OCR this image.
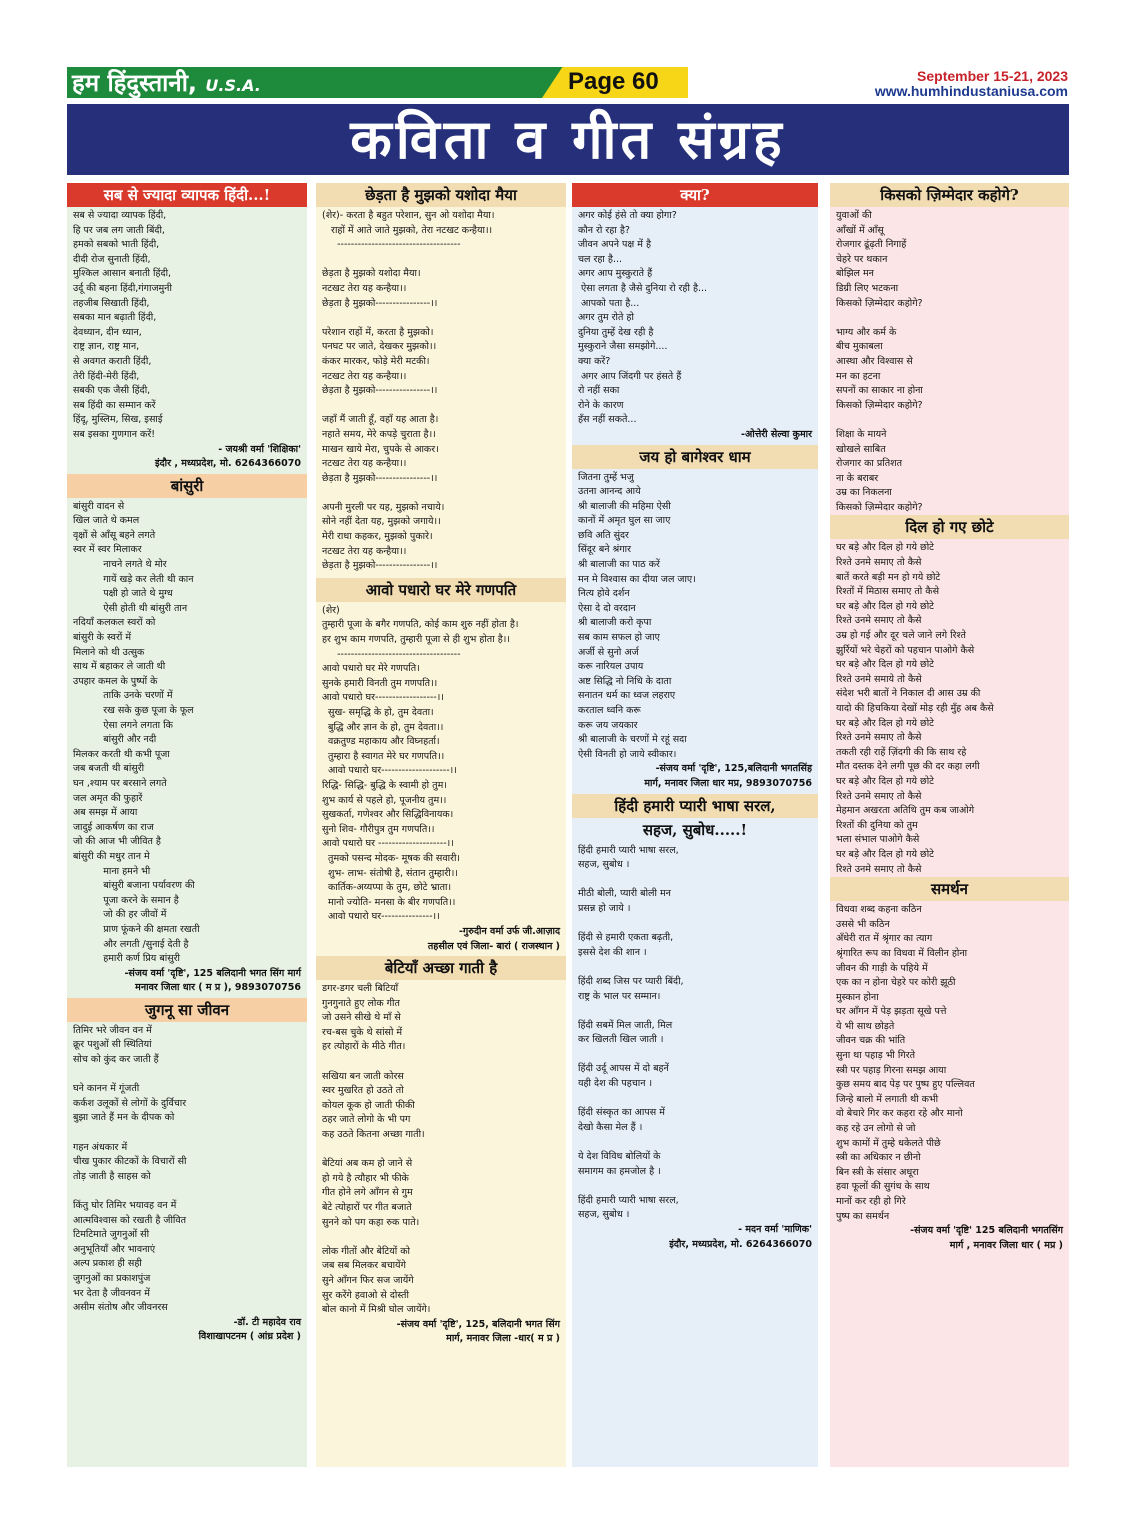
हम हिंदुस्तानी, U.S.A.	Page 60	September 15-21, 2023
www.humhindustaniusa.com
कविता व गीत संग्रह
सब से ज्यादा व्यापक हिंदी...!
सब से ज्यादा व्यापक हिंदी,
हि पर जब लग जाती बिंदी,
हमको सबको भाती हिंदी,
दीदी रोज सुनाती हिंदी,
मुश्किल आसान बनाती हिंदी,
उर्दू की बहना हिंदी,गंगाजमुनी
तहजीब सिखाती हिंदी,
सबका मान बढ़ाती हिंदी,
देवध्यान, दीन ध्यान,
राष्ट्र ज्ञान, राष्ट्र मान,
से अवगत कराती हिंदी,
तेरी हिंदी-मेरी हिंदी,
सबकी एक जैसी हिंदी,
सब हिंदी का सम्मान करें
हिंदू, मुस्लिम, सिख, इसाई
सब इसका गुणगान करें!
- जयश्री वर्मा 'शिक्षिका'
इंदौर , मध्यप्रदेश, मो. 6264366070
बांसुरी
बांसुरी वादन से
खिल जाते थे कमल
वृक्षों से आँसू बहने लगते
स्वर में स्वर मिलाकर
नाचने लगते थे मोर
गायें खड़े कर लेती थी कान
पक्षी हो जाते थे मुग्ध
ऐसी होती थी बांसुरी तान
नदियाँ कलकल स्वरों को
बांसुरी के स्वरों में
मिलाने को थी उत्सुक
साथ में बहाकर ले जाती थी
उपहार कमल के पुष्पों के
ताकि उनके चरणों में
रख सके कुछ पूजा के फूल
ऐसा लगने लगता कि
बांसुरी और नदी
मिलकर करती थी कभी पूजा
जब बजती थी बांसुरी
घन ,श्याम पर बरसाने लगते
जल अमृत की फुहारें
अब समझ में आया
जादुई आकर्षण का राज
जो की आज भी जीवित है
बांसुरी की मधुर तान मे
माना हमने भी
बांसुरी बजाना पर्यावरण की
पूजा करने के समान है
जो की हर जीवों में
प्राण फूंकने की क्षमता रखती
और लगती /सुनाई देती है
हमारी कर्ण प्रिय बांसुरी
-संजय वर्मा 'दृष्टि', 125 बलिदानी भगत सिंग मार्ग
मनावर जिला धार ( म प्र ), 9893070756
जुगनू सा जीवन
तिमिर भरे जीवन वन में
क्रूर पशुओं सी स्थितियां
सोच को कुंद कर जाती हैं

घने कानन में गूंजती
कर्कश उलूकों से लोगों के दुर्विचार
बुझा जाते हैं मन के दीपक को

गहन अंधकार में
चीख पुकार कीटकों के विचारों सी
तोड़ जाती है साहस को

किंतु घोर तिमिर भयावह वन में
आत्मविश्वास को रखती है जीवित
टिमटिमाते जुगनुओं सी
अनुभूतियाँ और भावनाएं
अल्प प्रकाश ही सही
जुगनुओं का प्रकाशपुंज
भर देता है जीवनवन में
असीम संतोष और जीवनरस
-डॉ. टी महादेव राव
विशाखापटनम ( आंध्र प्रदेश )
छेड़ता है मुझको यशोदा मैया
(शेर)- करता है बहुत परेशान, सुन ओ यशोदा मैया।
राहों में आते जाते मुझको, तेरा नटखट कन्हैया।।
------------------------------------

छेड़ता है मुझको यशोदा मैया।
नटखट तेरा यह कन्हैया।।
छेड़ता है मुझको----------------।।

परेशान राहों में, करता है मुझको।
पनघट पर जाते, देखकर मुझको।।
कंकर मारकर, फोड़े मेरी मटकी।
नटखट तेरा यह कन्हैया।।
छेड़ता है मुझको----------------।।

जहाँ मैं जाती हूँ, वहाँ यह आता है।
नहाते समय, मेरे कपड़े चुराता है।।
माखन खाये मेरा, चुपके से आकर।
नटखट तेरा यह कन्हैया।।
छेड़ता है मुझको----------------।।

अपनी मुरली पर यह, मुझको नचाये।
सोने नहीं देता यह, मुझको जगाये।।
मेरी राधा कहकर, मुझको पुकारे।
नटखट तेरा यह कन्हैया।।
छेड़ता है मुझको----------------।।
आवो पधारो घर मेरे गणपति
(शेर)
तुम्हारी पूजा के बगैर गणपति, कोई काम शुरु नहीं होता है।
हर शुभ काम गणपति, तुम्हारी पूजा से ही शुभ होता है।।
------------------------------------
आवो पधारो घर मेरे गणपति।
सुनके हमारी विनती तुम गणपति।।
आवो पधारो घर------------------।।
सुख- समृद्धि के हो, तुम देवता।
बुद्धि और ज्ञान के हो, तुम देवता।।
वक्रतुण्ड महाकाय और विघ्नहर्ता।
तुम्हारा है स्वागत मेरे घर गणपति।।
आवो पधारो घर--------------------।।
रिद्धि- सिद्धि- बुद्धि के स्वामी हो तुम।
शुभ कार्य से पहले हो, पूजनीय तुम।।
सुखकर्ता, गणेश्वर और सिद्धिविनायक।
सुनो शिव- गौरीपुत्र तुम गणपति।।
आवो पधारो घर --------------------।।
तुमको पसन्द मोदक- मूषक की सवारी।
शुभ- लाभ- संतोषी है, संतान तुम्हारी।।
कार्तिक-अय्यप्पा के तुम, छोटे भ्राता।
मानो ज्योति- मनसा के बीर गणपति।।
आवो पधारो घर---------------।।
-गुरुदीन वर्मा उर्फ जी.आज़ाद
तहसील एवं जिला- बारां ( राजस्थान )
बेटियाँ अच्छा गाती है
डगर-डगर चली बिटियाँ
गुनगुनाते हुए लोक गीत
जो उसने सीखे थे माँ से
रच-बस चुके थे सांसो में
हर त्योहारों के मीठे गीत।

सखिया बन जाती कोरस
स्वर मुखरित हो उठते तो
कोयल कूक हो जाती फीकी
ठहर जाते लोगो के भी पग
कह उठते कितना अच्छा गाती।

बेटियां अब कम हो जाने से
हो गये है त्यौहार भी फीके
गीत होने लगे ऑंगन से गुम
बेटे त्योहारों पर गीत बजाते
सुनने को पग कहा रुक पाते।

लोक गीतों और बेटियों को
जब सब मिलकर बचायेंगे
सुने ऑंगन फिर सज जायेंगे
सुर करेंगे हवाओ से दोस्ती
बोल कानो में मिश्री घोल जायेंगे।
-संजय वर्मा 'दृष्टि', 125, बलिदानी भगत सिंग
मार्ग, मनावर जिला -धार( म प्र )
क्या?
अगर कोई हंसे तो क्या होगा?
कौन रो रहा है?
जीवन अपने पक्ष में है
चल रहा है...
अगर आप मुस्कुराते हैं
ऐसा लगता है जैसे दुनिया रो रही है...
आपको पता है...
अगर तुम रोते हो
दुनिया तुम्हें देख रही है
मुस्कुराने जैसा समझोगे....
क्या करें?
अगर आप जिंदगी पर हंसते हैं
रो नहीं सका
रोने के कारण
हँस नहीं सकते...
-ओत्तेरी सेल्वा कुमार
जय हो बागेश्वर धाम
जितना तुम्हें भजु
उतना आनन्द आये
श्री बालाजी की महिमा ऐसी
कानों में अमृत घुल सा जाए
छवि अति सुंदर
सिंदूर बने श्रंगार
श्री बालाजी का पाठ करें
मन मे विश्वास का दीया जल जाए।
नित्य होवे दर्शन
ऐसा दे दो वरदान
श्री बालाजी करो कृपा
सब काम सफल हो जाए
अर्जी से सुनो अर्ज
करू नारियल उपाय
अष्ट सिद्धि नो निधि के दाता
सनातन धर्म का ध्वज लहराए
करताल ध्वनि करू
करू जय जयकार
श्री बालाजी के चरणों मे रहूं सदा
ऐसी विनती हो जाये स्वीकार।
-संजय वर्मा 'दृष्टि', 125,बलिदानी भगतसिंह
मार्ग, मनावर जिला धार मप्र, 9893070756
हिंदी हमारी प्यारी भाषा सरल,
सहज, सुबोध.....!
हिंदी हमारी प्यारी भाषा सरल,
सहज, सुबोध ।

मीठी बोली, प्यारी बोली मन
प्रसन्न हो जाये ।

हिंदी से हमारी एकता बढ़ती,
इससे देश की शान ।

हिंदी शब्द जिस पर प्यारी बिंदी,
राष्ट्र के भाल पर सम्मान।

हिंदी सबमें मिल जाती, मिल
कर खिलती खिल जाती ।

हिंदी उर्दू आपस में दो बहनें
यही देश की पहचान ।

हिंदी संस्कृत का आपस में
देखो कैसा मेल हैं ।

ये देश विविध बोलियों के
समागम का हमजोल है ।

हिंदी हमारी प्यारी भाषा सरल,
सहज, सुबोध ।
- मदन वर्मा 'माणिक'
इंदौर, मध्यप्रदेश, मो. 6264366070
किसको ज़िम्मेदार कहोगे?
युवाओं की
ऑंखों में ऑंसू
रोजगार ढूंढ़ती निगाहें
चेहरे पर थकान
बोझिल मन
डिग्री लिए भटकना
किसको ज़िम्मेदार कहोगे?

भाग्य और कर्म के
बीच मुकाबला
आस्था और विश्वास से
मन का हटना
सपनों का साकार ना होना
किसको ज़िम्मेदार कहोगे?

शिक्षा के मायने
खोखले साबित
रोजगार का प्रतिशत
ना के बराबर
उम्र का निकलना
किसको ज़िम्मेदार कहोगे?
दिल हो गए छोटे
घर बड़े और दिल हो गये छोटे
रिश्ते उनमे समाए तो कैसे
बातें करते बड़ी मन हो गये छोटे
रिश्तों में मिठास समाए तो कैसे
घर बड़े और दिल हो गये छोटे
रिश्ते उनमे समाए तो कैसे
उम्र हो गई और दूर चले जाने लगे रिश्ते
झुर्रियों भरे चेहरों को पहचान पाओगे कैसे
घर बड़े और दिल हो गये छोटे
रिश्ते उनमे समाये तो कैसे
संदेश भरी बातों ने निकाल दी आस उम्र की
यादो की हिचकिया देखों मोड़ रही मुँह अब कैसे
घर बड़े और दिल हो गये छोटे
रिश्ते उनमे समाए तो कैसे
तकती रही राहें ज़िंदगी की कि साथ रहे
मौत दस्तक देने लगी पूछ की दर कहा लगी
घर बड़े और दिल हो गये छोटे
रिश्ते उनमे समाए तो कैसे
मेहमान अखरता अतिथि तुम कब जाओगे
रिश्तों की दुनिया को तुम
भला संभाल पाओगे कैसे
घर बड़े और दिल हो गये छोटे
रिश्ते उनमे समाए तो कैसे
समर्थन
विधवा शब्द कहना कठिन
उससे भी कठिन
अँधेरी रात में श्रृंगार का त्याग
श्रृंगारित रूप का विधवा में विलीन होना
जीवन की गाड़ी के पहिये में
एक का न होना चेहरे पर कोरी झूठी
मुस्कान होना
घर ऑंगन में पेड़ झड़ता सूखे पत्ते
ये भी साथ छोड़ते
जीवन चक्र की भांति
सुना था पहाड़ भी गिरते
स्त्री पर पहाड़ गिरना समझ आया
कुछ समय बाद पेड़ पर पुष्प हुए पल्लिवत
जिन्हे बालो में लगाती थी कभी
वो बेचारे गिर कर कहरा रहे और मानो
कह रहे उन लोगो से जो
शुभ कामों में तुम्हे धकेलते पीछे
स्त्री का अधिकार न छीनो
बिन स्त्री के संसार अधूरा
हवा फूलों की सुगंध के साथ
मानों कर रही हो गिरे
पुष्प का समर्थन
-संजय वर्मा 'दृष्टि' 125 बलिदानी भगतसिंग
मार्ग , मनावर जिला धार ( मप्र )
